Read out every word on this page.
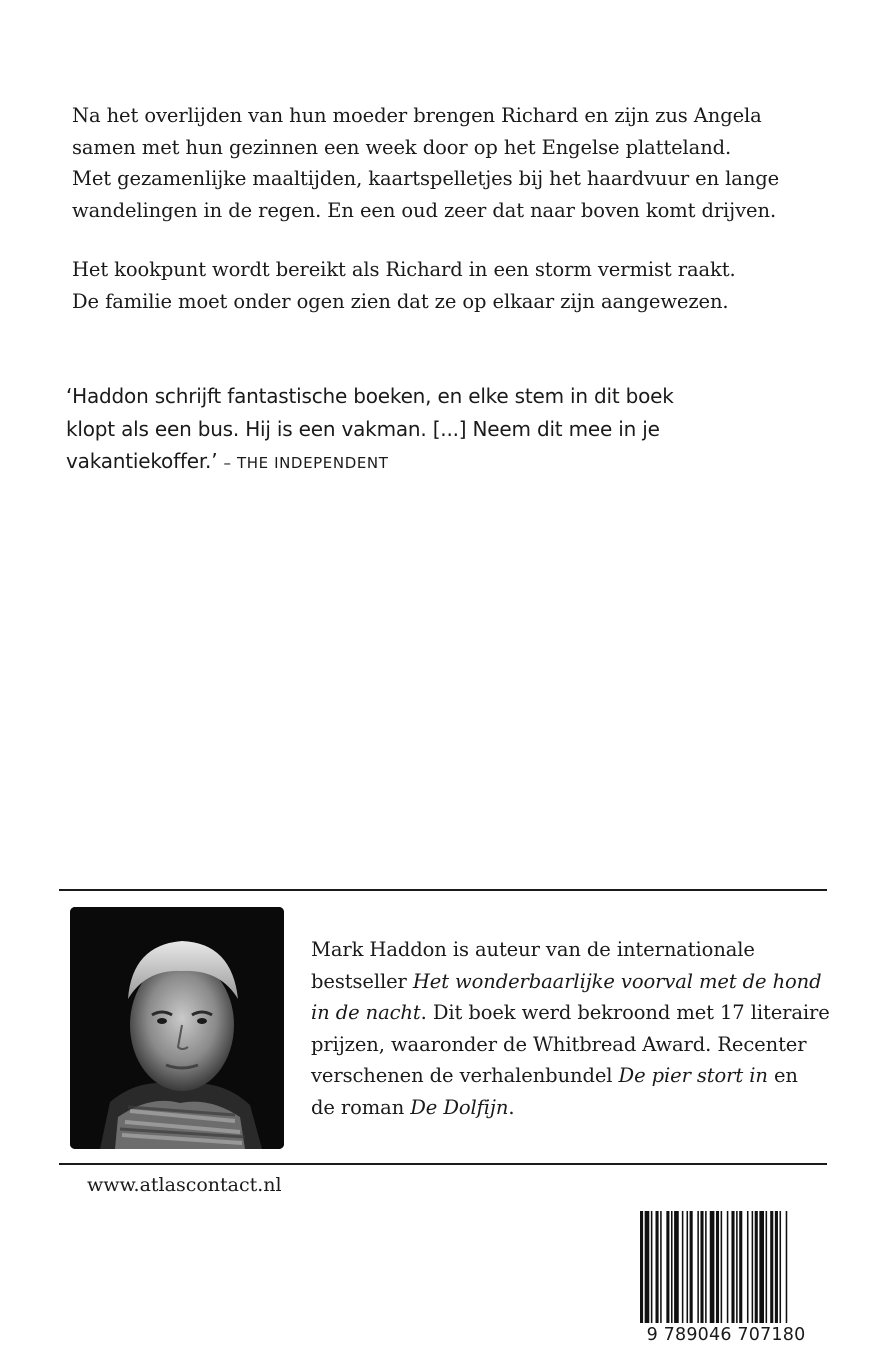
Na het overlijden van hun moeder brengen Richard en zijn zus Angela
samen met hun gezinnen een week door op het Engelse platteland.
Met gezamenlijke maaltijden, kaartspelletjes bij het haardvuur en lange
wandelingen in de regen. En een oud zeer dat naar boven komt drijven.

Het kookpunt wordt bereikt als Richard in een storm vermist raakt.
De familie moet onder ogen zien dat ze op elkaar zijn aangewezen.

‘Haddon schrijft fantastische boeken, en elke stem in dit boek
klopt als een bus. Hij is een vakman. [...] Neem dit mee in je
vakantiekoffer.’ – THE INDEPENDENT
Mark Haddon is auteur van de internationale
bestseller Het wonderbaarlijke voorval met de hond
in de nacht. Dit boek werd bekroond met 17 literaire
prijzen, waaronder de Whitbread Award. Recenter
verschenen de verhalenbundel De pier stort in en
de roman De Dolfijn.
www.atlascontact.nl
9 789046 707180
